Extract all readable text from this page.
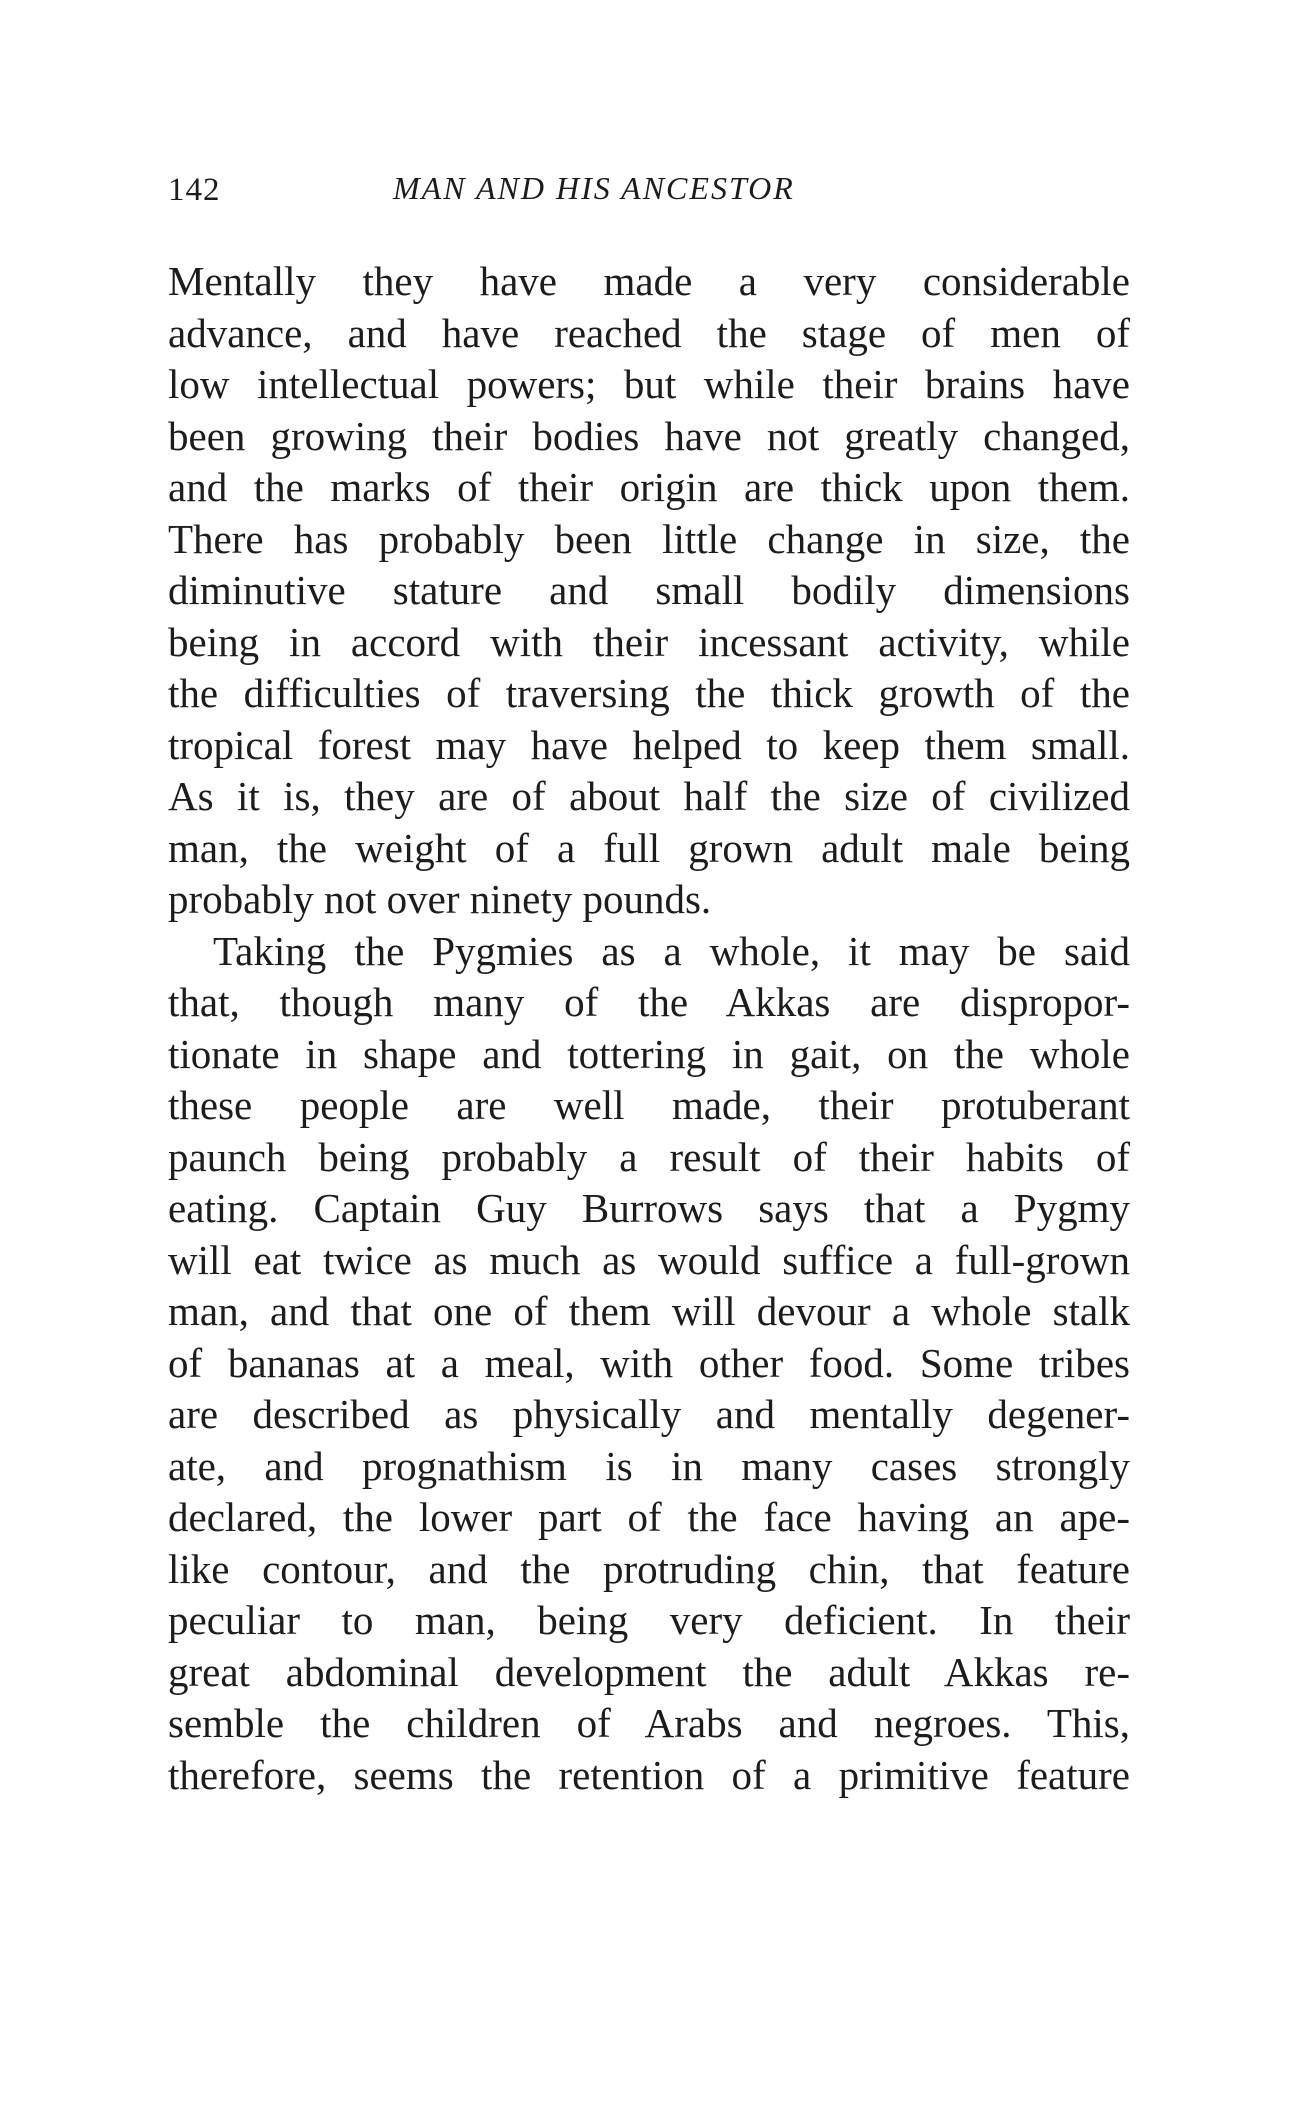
142	MAN AND HIS ANCESTOR
Mentally they have made a very considerable
advance, and have reached the stage of men of
low intellectual powers; but while their brains have
been growing their bodies have not greatly changed,
and the marks of their origin are thick upon them.
There has probably been little change in size, the
diminutive stature and small bodily dimensions
being in accord with their incessant activity, while
the difficulties of traversing the thick growth of the
tropical forest may have helped to keep them small.
As it is, they are of about half the size of civilized
man, the weight of a full grown adult male being
probably not over ninety pounds.
Taking the Pygmies as a whole, it may be said
that, though many of the Akkas are dispropor-
tionate in shape and tottering in gait, on the whole
these people are well made, their protuberant
paunch being probably a result of their habits of
eating. Captain Guy Burrows says that a Pygmy
will eat twice as much as would suffice a full-grown
man, and that one of them will devour a whole stalk
of bananas at a meal, with other food. Some tribes
are described as physically and mentally degener-
ate, and prognathism is in many cases strongly
declared, the lower part of the face having an ape-
like contour, and the protruding chin, that feature
peculiar to man, being very deficient. In their
great abdominal development the adult Akkas re-
semble the children of Arabs and negroes. This,
therefore, seems the retention of a primitive feature
